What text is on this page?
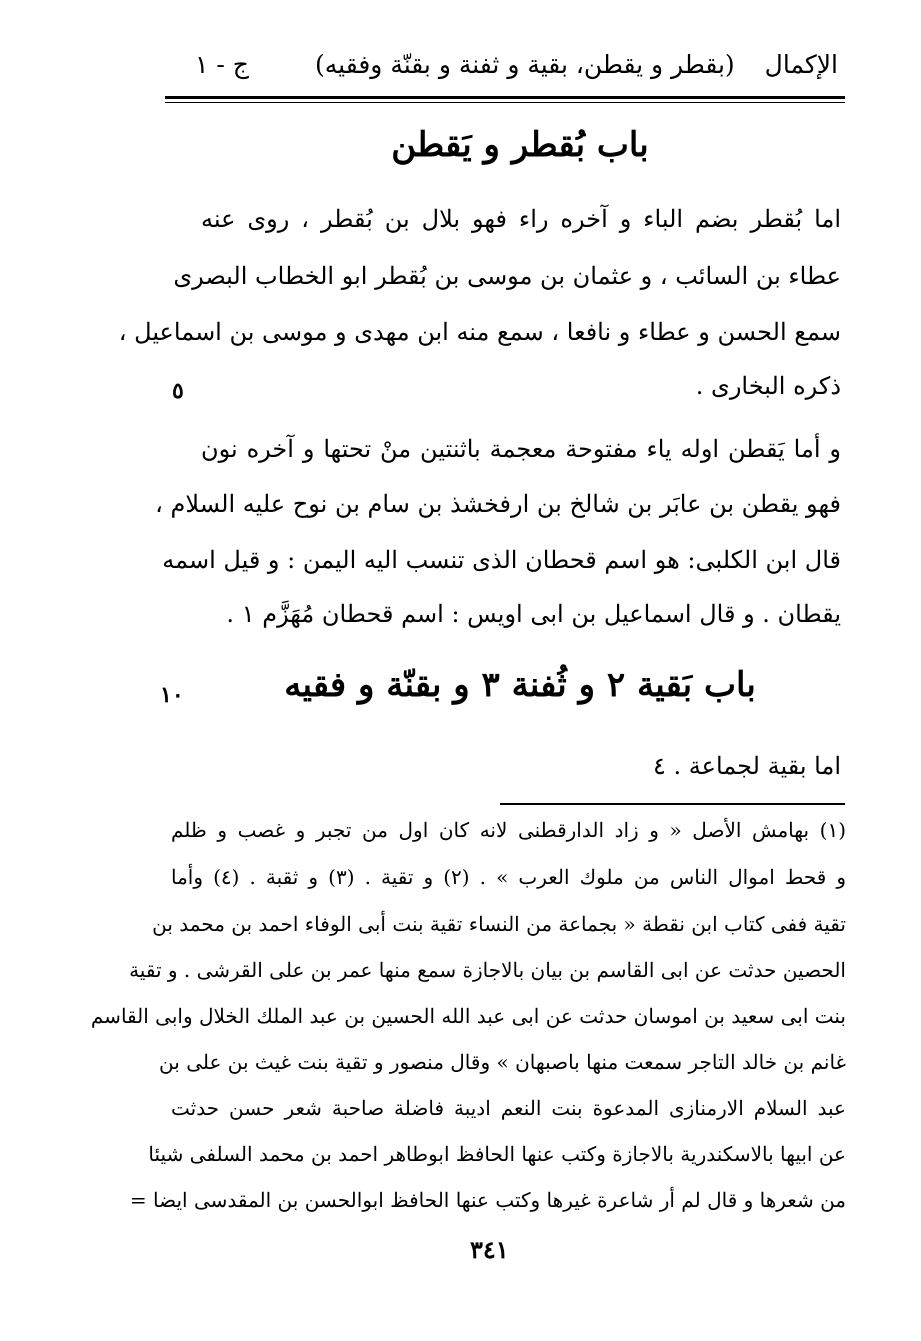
الإكمال
(بقطر و يقطن، بقية و ثفنة و بقنّة وفقيه)
ج - ١
باب بُقطر و يَقطن
اما بُقطر بضم الباء و آخره راء فهو بلال بن بُقطر ، روى عنه
عطاء بن السائب ، و عثمان بن موسى بن بُقطر ابو الخطاب البصرى
سمع الحسن و عطاء و نافعا ، سمع منه ابن مهدى و موسى بن اسماعيل ،
ذكره البخارى .
٥
و أما يَقطن اوله ياء مفتوحة معجمة باثنتين منْ تحتها و آخره نون
فهو يقطن بن عابَر بن شالخ بن ارفخشذ بن سام بن نوح عليه السلام ،
قال ابن الكلبى: هو اسم قحطان الذى تنسب اليه اليمن : و قيل اسمه
يقطان . و قال اسماعيل بن ابى اويس : اسم قحطان مُهَزَّم ١ .
باب بَقية ٢ و ثُفنة ٣ و بقنّة و فقيه
١٠
اما بقية لجماعة . ٤
(١) بهامش الأصل « و زاد الدارقطنى لانه كان اول من تجبر و غصب و ظلم
و قحط اموال الناس من ملوك العرب » . (٢) و تقية . (٣) و ثقبة . (٤) وأما
تقية ففى كتاب ابن نقطة « بجماعة من النساء تقية بنت أبى الوفاء احمد بن محمد بن
الحصين حدثت عن ابى القاسم بن بيان بالاجازة سمع منها عمر بن على القرشى . و تقية
بنت ابى سعيد بن اموسان حدثت عن ابى عبد الله الحسين بن عبد الملك الخلال وابى القاسم
غانم بن خالد التاجر سمعت منها باصبهان » وقال منصور و تقية بنت غيث بن على بن
عبد السلام الارمنازى المدعوة بنت النعم اديبة فاضلة صاحبة شعر حسن حدثت
عن ابيها بالاسكندرية بالاجازة وكتب عنها الحافظ ابوطاهر احمد بن محمد السلفى شيئا
من شعرها و قال لم أر شاعرة غيرها وكتب عنها الحافظ ابوالحسن بن المقدسى ايضا =
٣٤١
